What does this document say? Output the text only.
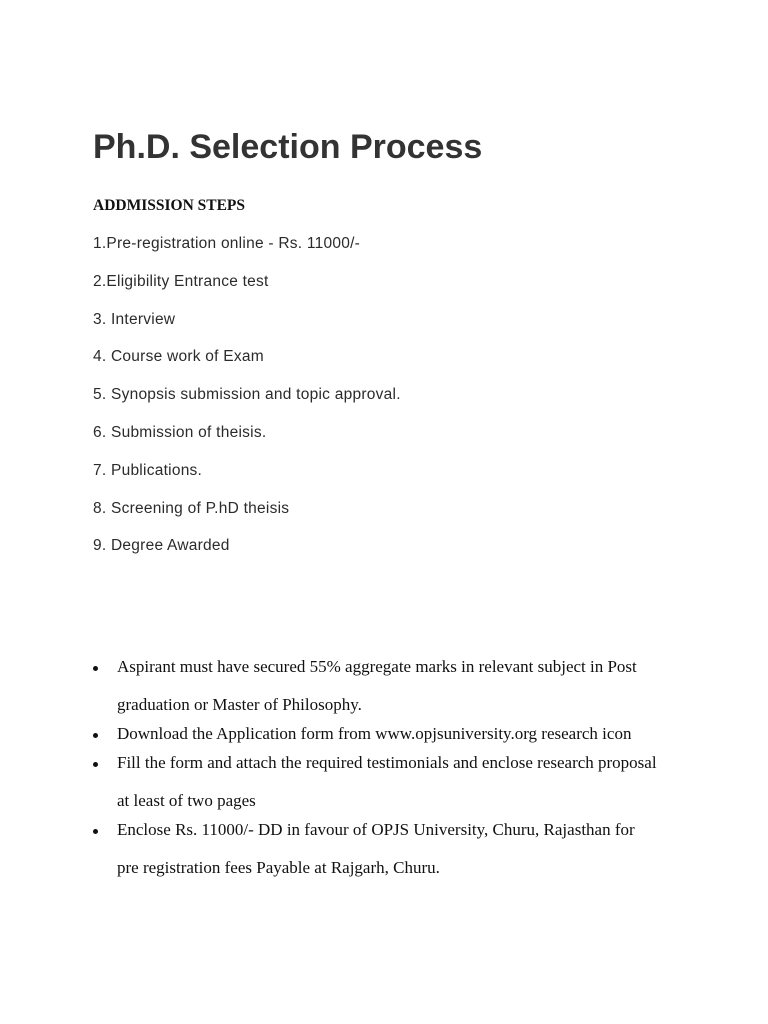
Ph.D. Selection Process
ADDMISSION STEPS
1.Pre-registration online - Rs. 11000/-
2.Eligibility Entrance test
3. Interview
4. Course work of Exam
5. Synopsis submission and topic approval.
6. Submission of theisis.
7. Publications.
8. Screening of P.hD theisis
9. Degree Awarded
Aspirant must have secured 55% aggregate marks in relevant subject in Post
graduation or Master of Philosophy.
Download the Application form from www.opjsuniversity.org research icon
Fill the form and attach the required testimonials and enclose research proposal
at least of two pages
Enclose Rs. 11000/- DD in favour of OPJS University, Churu, Rajasthan for
pre registration fees Payable at Rajgarh, Churu.
